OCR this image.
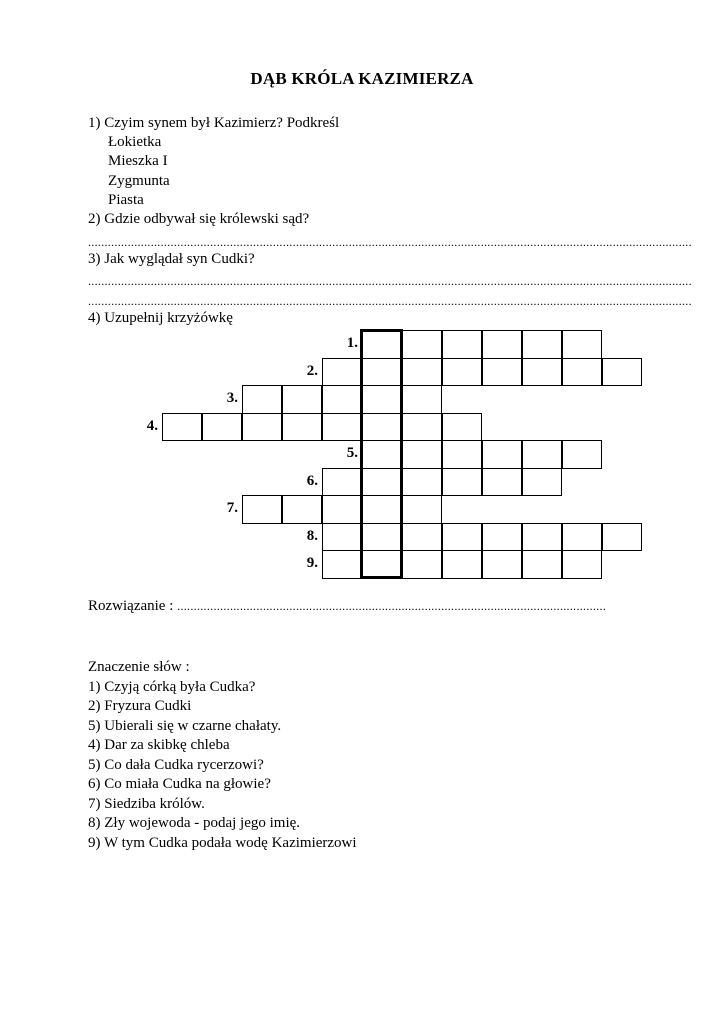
DĄB KRÓLA KAZIMIERZA
1) Czyim synem był Kazimierz? Podkreśl
Łokietka
Mieszka I
Zygmunta
Piasta
2) Gdzie odbywał się królewski sąd?
.......................................................................................................................................................................................
3) Jak wyglądał syn Cudki?
.......................................................................................................................................................................................
.......................................................................................................................................................................................
4) Uzupełnij krzyżówkę
1.
2.
3.
4.
5.
6.
7.
8.
9.
Rozwiązanie : ..................................................................................................................................
Znaczenie słów :
1) Czyją córką była Cudka?
2) Fryzura Cudki
5) Ubierali się w czarne chałaty.
4) Dar za skibkę chleba
5) Co dała Cudka rycerzowi?
6) Co miała Cudka na głowie?
7) Siedziba królów.
8) Zły wojewoda - podaj jego imię.
9) W tym Cudka podała wodę Kazimierzowi
